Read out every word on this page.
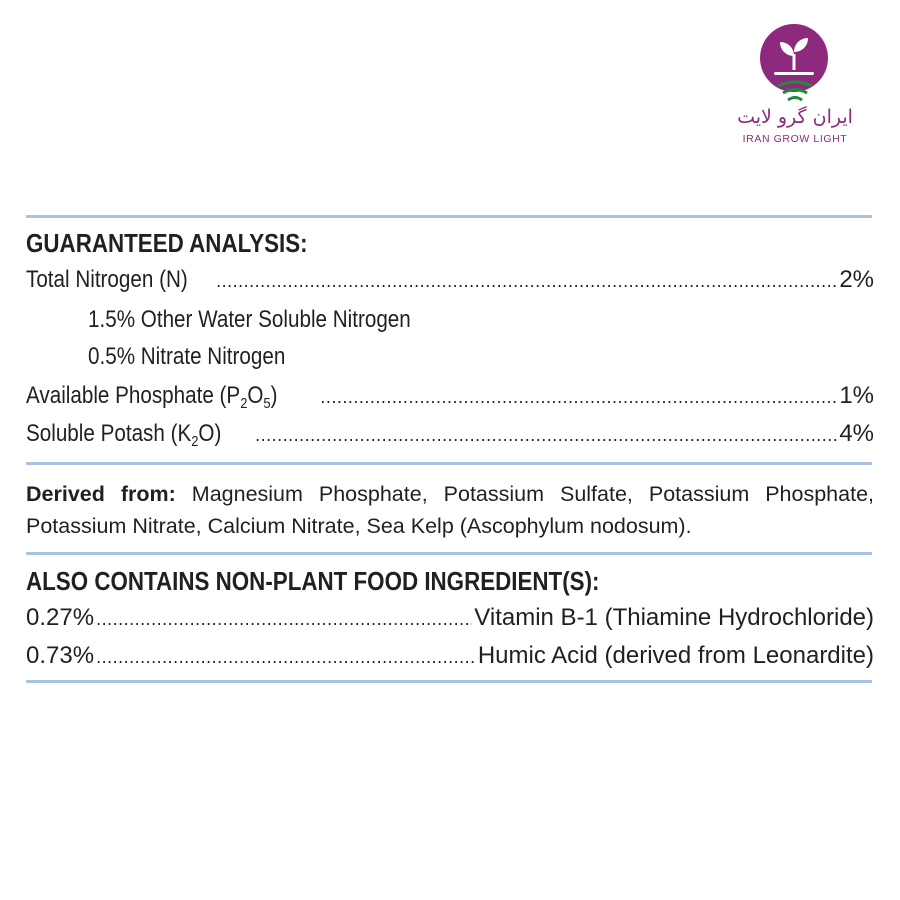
ایران گرو لایت
IRAN GROW LIGHT
GUARANTEED ANALYSIS:
Total Nitrogen (N) .....	2%
1.5% Other Water Soluble Nitrogen
0.5% Nitrate Nitrogen
Available Phosphate $(P_2O_5)$ .....	1%
Soluble Potash $(K_2O)$ .....	4%
Derived from: Magnesium Phosphate, Potassium Sulfate, Potassium Phosphate, Potassium Nitrate, Calcium Nitrate, Sea Kelp (Ascophylum nodosum).
ALSO CONTAINS NON-PLANT FOOD INGREDIENT(S):
0.27% .....	Vitamin B-1 (Thiamine Hydrochloride)
0.73% .....	Humic Acid (derived from Leonardite)
